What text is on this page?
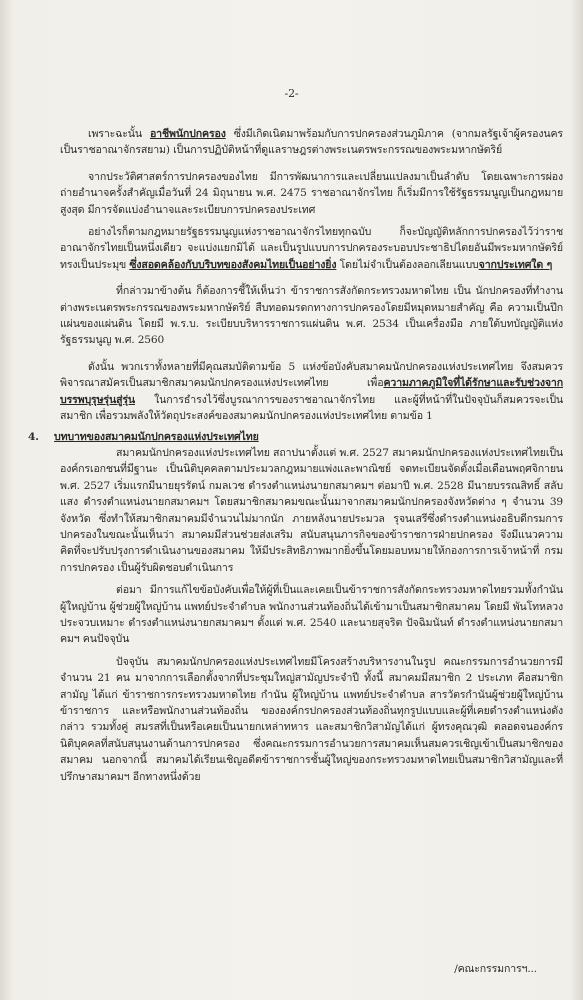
-2-

เพราะฉะนั้น อาชีพนักปกครอง ซึ่งมีเกิดเนิดมาพร้อมกับการปกครองส่วนภูมิภาค (จากมลรัฐเจ้าผู้ครองนครเป็นราชอาณาจักรสยาม) เป็นการปฏิบัติหน้าที่ดูแลราษฎรต่างพระเนตรพระกรรณของพระมหากษัตริย์

จากประวัติศาสตร์การปกครองของไทย มีการพัฒนาการและเปลี่ยนแปลงมาเป็นลำดับ โดยเฉพาะการผ่องถ่ายอำนาจครั้งสำคัญเมื่อวันที่ 24 มิถุนายน พ.ศ. 2475 ราชอาณาจักรไทย ก็เริ่มมีการใช้รัฐธรรมนูญเป็นกฎหมายสูงสุด มีการจัดแบ่งอำนาจและระเบียบการปกครองประเทศ

อย่างไรก็ตามกฎหมายรัฐธรรมนูญแห่งราชอาณาจักรไทยทุกฉบับ ก็จะบัญญัติหลักการปกครองไว้ว่าราชอาณาจักรไทยเป็นหนึ่งเดียว จะแบ่งแยกมิได้ และเป็นรูปแบบการปกครองระบอบประชาธิปไตยอันมีพระมหากษัตริย์ทรงเป็นประมุข ซึ่งสอดคล้องกับบริบทของสังคมไทยเป็นอย่างยิ่ง โดยไม่จำเป็นต้องลอกเลียนแบบจากประเทศใด ๆ

ที่กล่าวมาข้างต้น ก็ต้องการชี้ให้เห็นว่า ข้าราชการสังกัดกระทรวงมหาดไทย เป็น นักปกครองที่ทำงานต่างพระเนตรพระกรรณของพระมหากษัตริย์ สืบทอดมรดกทางการปกครองโดยมีหมุดหมายสำคัญ คือ ความเป็นปึกแผ่นของแผ่นดิน โดยมี พ.ร.บ. ระเบียบบริหารราชการแผ่นดิน พ.ศ. 2534 เป็นเครื่องมือ ภายใต้บทบัญญัติแห่งรัฐธรรมนูญ พ.ศ. 2560

ดังนั้น พวกเราทั้งหลายที่มีคุณสมบัติตามข้อ 5 แห่งข้อบังคับสมาคมนักปกครองแห่งประเทศไทย จึงสมควรพิจารณาสมัครเป็นสมาชิกสมาคมนักปกครองแห่งประเทศไทย เพื่อความภาคภูมิใจที่ได้รักษาและรับช่วงจากบรรพบุรุษรุ่นสู่รุ่น ในการธำรงไว้ซึ่งบูรณาการของราชอาณาจักรไทย และผู้ที่หน้าที่ในปัจจุบันก็สมควรจะเป็นสมาชิก เพื่อรวมพลังให้วัตถุประสงค์ของสมาคมนักปกครองแห่งประเทศไทย ตามข้อ 1

4. บทบาทของสมาคมนักปกครองแห่งประเทศไทย

สมาคมนักปกครองแห่งประเทศไทย สถาปนาตั้งแต่ พ.ศ. 2527 สมาคมนักปกครองแห่งประเทศไทยเป็นองค์กรเอกชนที่มีฐานะ เป็นนิติบุคคลตามประมวลกฎหมายแพ่งและพาณิชย์ จดทะเบียนจัดตั้งเมื่อเดือนพฤศจิกายน พ.ศ. 2527 เริ่มแรกมีนายยุรรัตน์ กมลเวช ดำรงตำแหน่งนายกสมาคมฯ ต่อมาปี พ.ศ. 2528 มีนายบรรณสิทธิ์ สลับแสง ดำรงตำแหน่งนายกสมาคมฯ โดยสมาชิกสมาคมขณะนั้นมาจากสมาคมนักปกครองจังหวัดต่าง ๆ จำนวน 39 จังหวัด ซึ่งทำให้สมาชิกสมาคมมีจำนวนไม่มากนัก ภายหลังนายประมวล รุจนเสรีซึ่งดำรงตำแหน่งอธิบดีกรมการปกครองในขณะนั้นเห็นว่า สมาคมมีส่วนช่วยส่งเสริม สนับสนุนภารกิจของข้าราชการฝ่ายปกครอง จึงมีแนวความคิดที่จะปรับปรุงการดำเนินงานของสมาคม ให้มีประสิทธิภาพมากยิ่งขึ้นโดยมอบหมายให้กองการการเจ้าหน้าที่ กรมการปกครอง เป็นผู้รับผิดชอบดำเนินการ

ต่อมา มีการแก้ไขข้อบังคับเพื่อให้ผู้ที่เป็นและเคยเป็นข้าราชการสังกัดกระทรวงมหาดไทยรวมทั้งกำนัน ผู้ใหญ่บ้าน ผู้ช่วยผู้ใหญ่บ้าน แพทย์ประจำตำบล พนักงานส่วนท้องถิ่นได้เข้ามาเป็นสมาชิกสมาคม โดยมี พันโทหลวง ประจวบเหมาะ ดำรงตำแหน่งนายกสมาคมฯ ตั้งแต่ พ.ศ. 2540 และนายสุจริต ปัจฉิมนันท์ ดำรงตำแหน่งนายกสมาคมฯ คนปัจจุบัน

ปัจจุบัน สมาคมนักปกครองแห่งประเทศไทยมีโครงสร้างบริหารงานในรูป คณะกรรมการอำนวยการมีจำนวน 21 คน มาจากการเลือกตั้งจากที่ประชุมใหญ่สามัญประจำปี ทั้งนี้ สมาคมมีสมาชิก 2 ประเภท คือสมาชิกสามัญ ได้แก่ ข้าราชการกระทรวงมหาดไทย กำนัน ผู้ใหญ่บ้าน แพทย์ประจำตำบล สารวัตรกำนันผู้ช่วยผู้ใหญ่บ้าน ข้าราชการ และหรือพนักงานส่วนท้องถิ่น ขององค์กรปกครองส่วนท้องถิ่นทุกรูปแบบและผู้ที่เคยดำรงตำแหน่งดังกล่าว รวมทั้งคู่ สมรสที่เป็นหรือเคยเป็นนายกเหล่าทหาร และสมาชิกวิสามัญได้แก่ ผู้ทรงคุณวุฒิ ตลอดจนองค์กร นิติบุคคลที่สนับสนุนงานด้านการปกครอง ซึ่งคณะกรรมการอำนวยการสมาคมเห็นสมควรเชิญเข้าเป็นสมาชิกของสมาคม นอกจากนี้ สมาคมได้เรียนเชิญอดีตข้าราชการชั้นผู้ใหญ่ของกระทรวงมหาดไทยเป็นสมาชิกวิสามัญและที่ปรึกษาสมาคมฯ อีกทางหนึ่งด้วย

/คณะกรรมการฯ...
